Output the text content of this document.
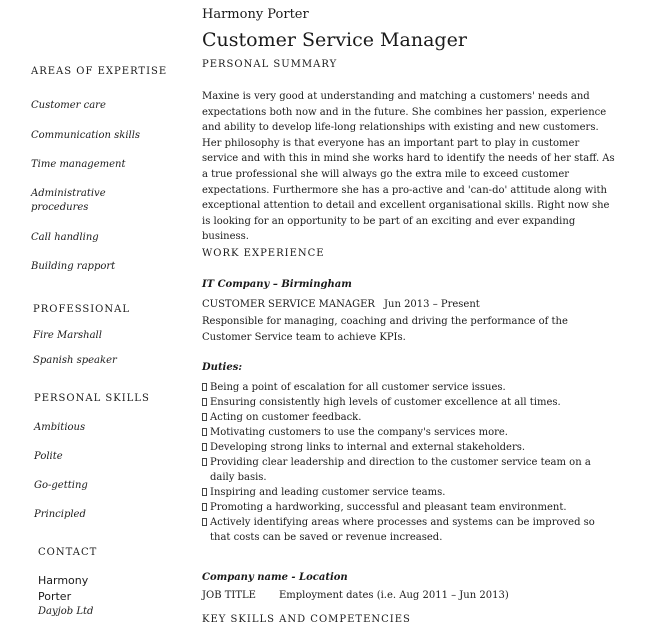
Harmony Porter
Customer Service Manager
AREAS OF EXPERTISE
Customer care
Communication skills
Time management
Administrative procedures
Call handling
Building rapport
PROFESSIONAL
Fire Marshall
Spanish speaker
PERSONAL SKILLS
Ambitious
Polite
Go-getting
Principled
CONTACT
Harmony Porter
Dayjob Ltd
PERSONAL SUMMARY
Maxine is very good at understanding and matching a customers' needs and expectations both now and in the future. She combines her passion, experience and ability to develop life-long relationships with existing and new customers. Her philosophy is that everyone has an important part to play in customer service and with this in mind she works hard to identify the needs of her staff. As a true professional she will always go the extra mile to exceed customer expectations. Furthermore she has a pro-active and 'can-do' attitude along with exceptional attention to detail and excellent organisational skills. Right now she is looking for an opportunity to be part of an exciting and ever expanding business.
WORK EXPERIENCE
IT Company – Birmingham
CUSTOMER SERVICE MANAGER Jun 2013 – Present
Responsible for managing, coaching and driving the performance of the Customer Service team to achieve KPIs.
Duties:
Being a point of escalation for all customer service issues.
Ensuring consistently high levels of customer excellence at all times.
Acting on customer feedback.
Motivating customers to use the company's services more.
Developing strong links to internal and external stakeholders.
Providing clear leadership and direction to the customer service team on a daily basis.
Inspiring and leading customer service teams.
Promoting a hardworking, successful and pleasant team environment.
Actively identifying areas where processes and systems can be improved so that costs can be saved or revenue increased.
Company name - Location
JOB TITLE Employment dates (i.e. Aug 2011 – Jun 2013)
KEY SKILLS AND COMPETENCIES
